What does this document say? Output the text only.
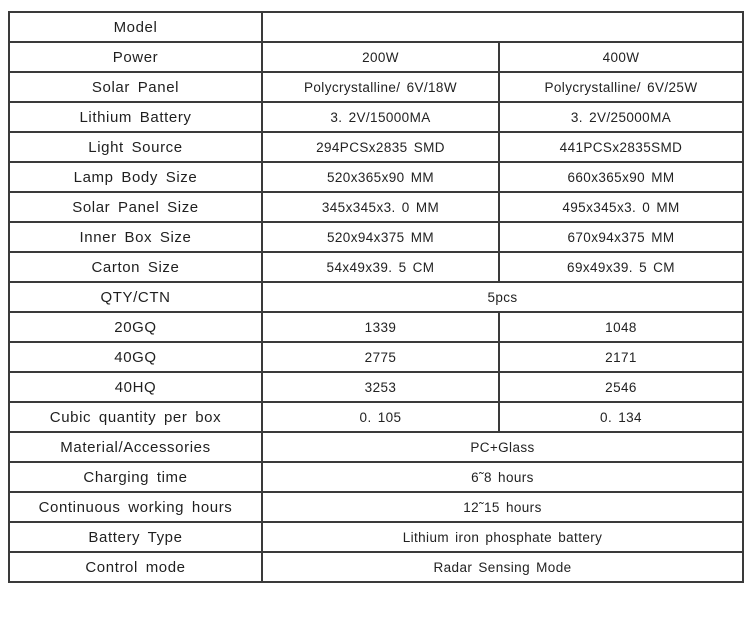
Model		
Power	200W	400W
Solar Panel	Polycrystalline/ 6V/18W	Polycrystalline/ 6V/25W
Lithium Battery	3. 2V/15000MA	3. 2V/25000MA
Light Source	294PCSx2835 SMD	441PCSx2835SMD
Lamp Body Size	520x365x90 MM	660x365x90 MM
Solar Panel Size	345x345x3. 0 MM	495x345x3. 0 MM
Inner Box Size	520x94x375 MM	670x94x375 MM
Carton Size	54x49x39. 5 CM	69x49x39. 5 CM
QTY/CTN	5pcs	
20GQ	1339	1048
40GQ	2775	2171
40HQ	3253	2546
Cubic quantity per box	0. 105	0. 134
Material/Accessories	PC+Glass	
Charging time	6˜8 hours	
Continuous working hours	12˜15 hours	
Battery Type	Lithium iron phosphate battery	
Control mode	Radar Sensing Mode	
